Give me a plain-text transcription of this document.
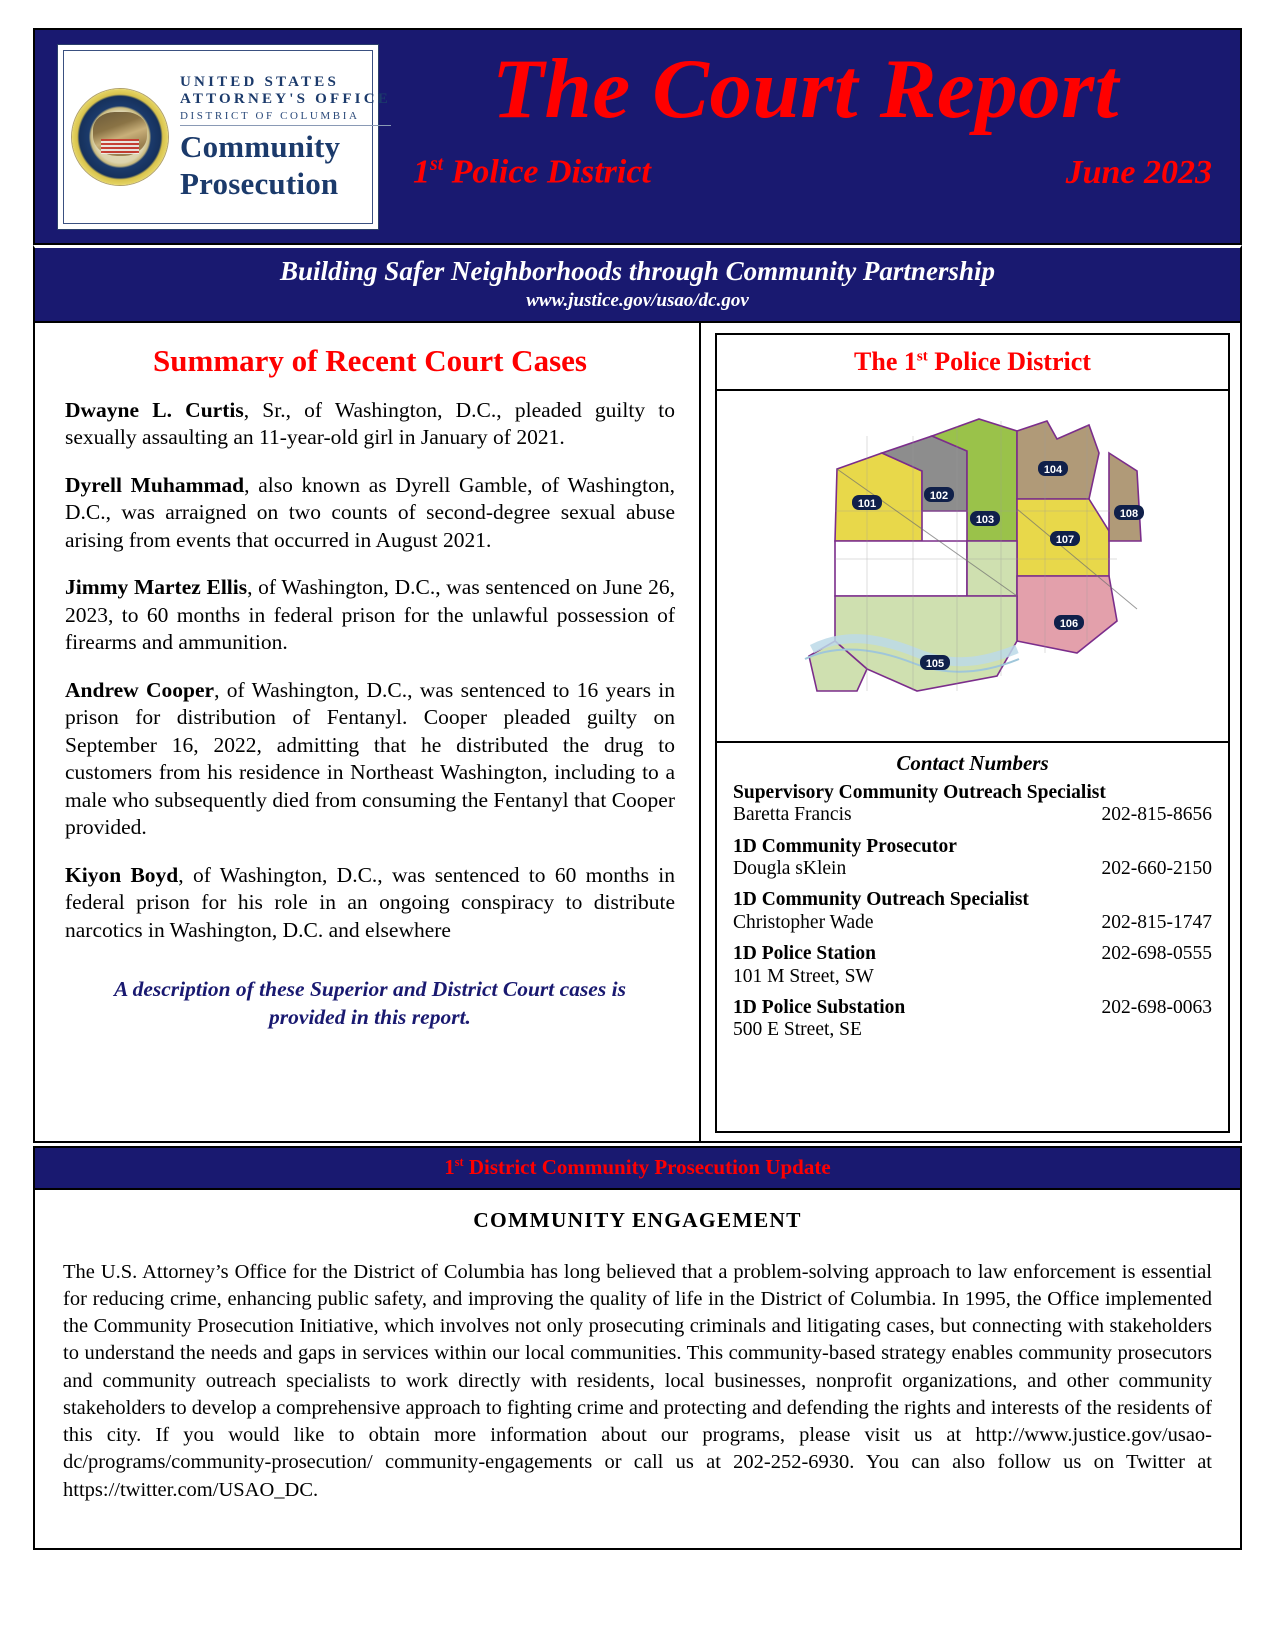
UNITED STATES
ATTORNEY'S OFFICE
DISTRICT OF COLUMBIA
Community
Prosecution
The Court Report
1st Police District	June 2023
Building Safer Neighborhoods through Community Partnership
www.justice.gov/usao/dc.gov
Summary of Recent Court Cases
Dwayne L. Curtis, Sr., of Washington, D.C., pleaded guilty to sexually assaulting an 11-year-old girl in January of 2021.
Dyrell Muhammad, also known as Dyrell Gamble, of Washington, D.C., was arraigned on two counts of second-degree sexual abuse arising from events that occurred in August 2021.
Jimmy Martez Ellis, of Washington, D.C., was sentenced on June 26, 2023, to 60 months in federal prison for the unlawful possession of firearms and ammunition.
Andrew Cooper, of Washington, D.C., was sentenced to 16 years in prison for distribution of Fentanyl. Cooper pleaded guilty on September 16, 2022, admitting that he distributed the drug to customers from his residence in Northeast Washington, including to a male who subsequently died from consuming the Fentanyl that Cooper provided.
Kiyon Boyd, of Washington, D.C., was sentenced to 60 months in federal prison for his role in an ongoing conspiracy to distribute narcotics in Washington, D.C. and elsewhere
A description of these Superior and District Court cases is provided in this report.
The 1st Police District
101
102
103
104
105
106
107
108
Contact Numbers
Supervisory Community Outreach Specialist
Baretta Francis	202-815-8656
1D Community Prosecutor
Dougla sKlein	202-660-2150
1D Community Outreach Specialist
Christopher Wade	202-815-1747
1D Police Station	202-698-0555
101 M Street, SW
1D Police Substation	202-698-0063
500 E Street, SE
1st District Community Prosecution Update
COMMUNITY ENGAGEMENT
The U.S. Attorney’s Office for the District of Columbia has long believed that a problem-solving approach to law enforcement is essential for reducing crime, enhancing public safety, and improving the quality of life in the District of Columbia. In 1995, the Office implemented the Community Prosecution Initiative, which involves not only prosecuting criminals and litigating cases, but connecting with stakeholders to understand the needs and gaps in services within our local communities. This community-based strategy enables community prosecutors and community outreach specialists to work directly with residents, local businesses, nonprofit organizations, and other community stakeholders to develop a comprehensive approach to fighting crime and protecting and defending the rights and interests of the residents of this city. If you would like to obtain more information about our programs, please visit us at http://www.justice.gov/usao-dc/programs/community-prosecution/ community-engagements or call us at 202-252-6930. You can also follow us on Twitter at https://twitter.com/USAO_DC.
